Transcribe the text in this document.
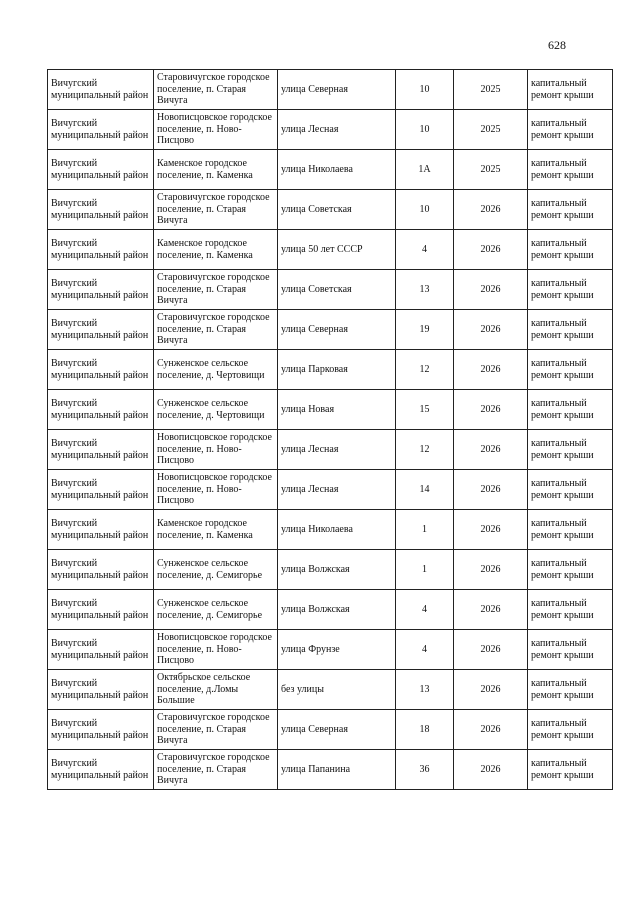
628
Вичугский муниципальный район	Старовичугское городское поселение, п. Старая Вичуга	улица Северная	10	2025	капитальный ремонт крыши
Вичугский муниципальный район	Новописцовское городское поселение, п. Ново-Писцово	улица Лесная	10	2025	капитальный ремонт крыши
Вичугский муниципальный район	Каменское городское поселение, п. Каменка	улица Николаева	1А	2025	капитальный ремонт крыши
Вичугский муниципальный район	Старовичугское городское поселение, п. Старая Вичуга	улица Советская	10	2026	капитальный ремонт крыши
Вичугский муниципальный район	Каменское городское поселение, п. Каменка	улица 50 лет СССР	4	2026	капитальный ремонт крыши
Вичугский муниципальный район	Старовичугское городское поселение, п. Старая Вичуга	улица Советская	13	2026	капитальный ремонт крыши
Вичугский муниципальный район	Старовичугское городское поселение, п. Старая Вичуга	улица Северная	19	2026	капитальный ремонт крыши
Вичугский муниципальный район	Сунженское сельское поселение, д. Чертовищи	улица Парковая	12	2026	капитальный ремонт крыши
Вичугский муниципальный район	Сунженское сельское поселение, д. Чертовищи	улица Новая	15	2026	капитальный ремонт крыши
Вичугский муниципальный район	Новописцовское городское поселение, п. Ново-Писцово	улица Лесная	12	2026	капитальный ремонт крыши
Вичугский муниципальный район	Новописцовское городское поселение, п. Ново-Писцово	улица Лесная	14	2026	капитальный ремонт крыши
Вичугский муниципальный район	Каменское городское поселение, п. Каменка	улица Николаева	1	2026	капитальный ремонт крыши
Вичугский муниципальный район	Сунженское сельское поселение, д. Семигорье	улица Волжская	1	2026	капитальный ремонт крыши
Вичугский муниципальный район	Сунженское сельское поселение, д. Семигорье	улица Волжская	4	2026	капитальный ремонт крыши
Вичугский муниципальный район	Новописцовское городское поселение, п. Ново-Писцово	улица Фрунзе	4	2026	капитальный ремонт крыши
Вичугский муниципальный район	Октябрьское сельское поселение, д.Ломы Большие	без улицы	13	2026	капитальный ремонт крыши
Вичугский муниципальный район	Старовичугское городское поселение, п. Старая Вичуга	улица Северная	18	2026	капитальный ремонт крыши
Вичугский муниципальный район	Старовичугское городское поселение, п. Старая Вичуга	улица Папанина	36	2026	капитальный ремонт крыши
